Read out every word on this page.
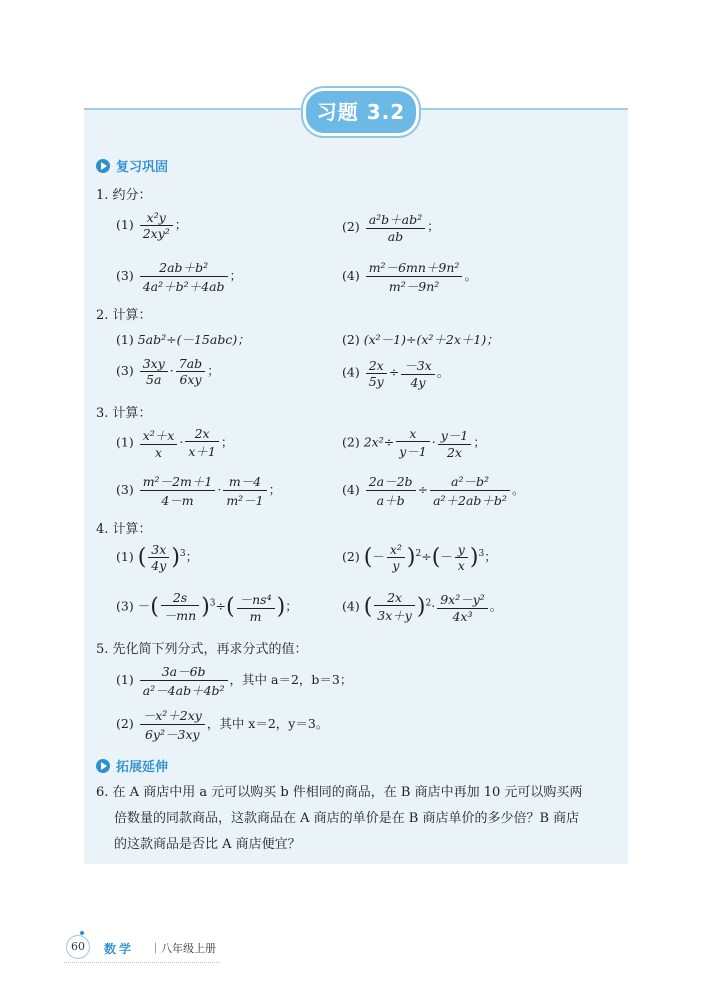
习题 3.2
复习巩固
1. 约分：
$(1) \frac{\text{x²y}}{\text{2xy²}}$ ；	$(2) \frac{\text{a²b＋ab²}}{ab}$ ；
$(3) \frac{\text{2ab＋b²}}{\text{4a²＋b²＋4ab}}$ ；	$(4) \frac{\text{m²－6mn＋9n²}}{\text{m²－9n²}}$ 。
2. 计算：
(1) 5ab²÷(－15abc)；	(2) (x²－1)÷(x²＋2x＋1)；
$(3) \frac{3xy}{5a} \cdot \frac{7ab}{6xy}$ ；	$(4) \frac{2x}{5y} \div \frac{-3x}{4y}$ 。
3. 计算：
$(1) \frac{\text{x²＋x}}{x} \cdot \frac{2x}{x+1}$ ；	(2) $2x^2\div \frac{x}{y-1} \cdot \frac{y-1}{2x}$ ；
$(3) \frac{\text{m²－2m＋1}}{4-m} \cdot \frac{m-4}{\text{m²－1}}$ ；	$(4) \frac{2a-2b}{a+b} \div \frac{\text{a²－b²}}{\text{a²＋2ab＋b²}}$ 。
4. 计算：
(1) ( $\frac{3x}{4y} )^3$；	(2) (－ $\frac{\text{x²}}{y} )^2\div(- \frac{y}{x} )^3$；
(3) －( $\frac{2s}{-mn} )^3\div( \frac{\text{－ns⁴}}{m}$ )；	(4) ( $\frac{2x}{3x+y} )^2\cdot \frac{\text{9x²－y²}}{\text{4x³}}$ 。
5. 先化简下列分式，再求分式的值：
$(1) \frac{3a-6b}{\text{a²－4ab＋4b²}}$ ，其中 a＝2，b＝3；
$(2) \frac{\text{－x²＋2xy}}{\text{6y²－3xy}}$ ，其中 x＝2，y＝3。
拓展延伸
6. 在 A 商店中用 a 元可以购买 b 件相同的商品，在 B 商店中再加 10 元可以购买两
倍数量的同款商品，这款商品在 A 商店的单价是在 B 商店单价的多少倍？B 商店
的这款商品是否比 A 商店便宜？
60	数学 ｜八年级上册
